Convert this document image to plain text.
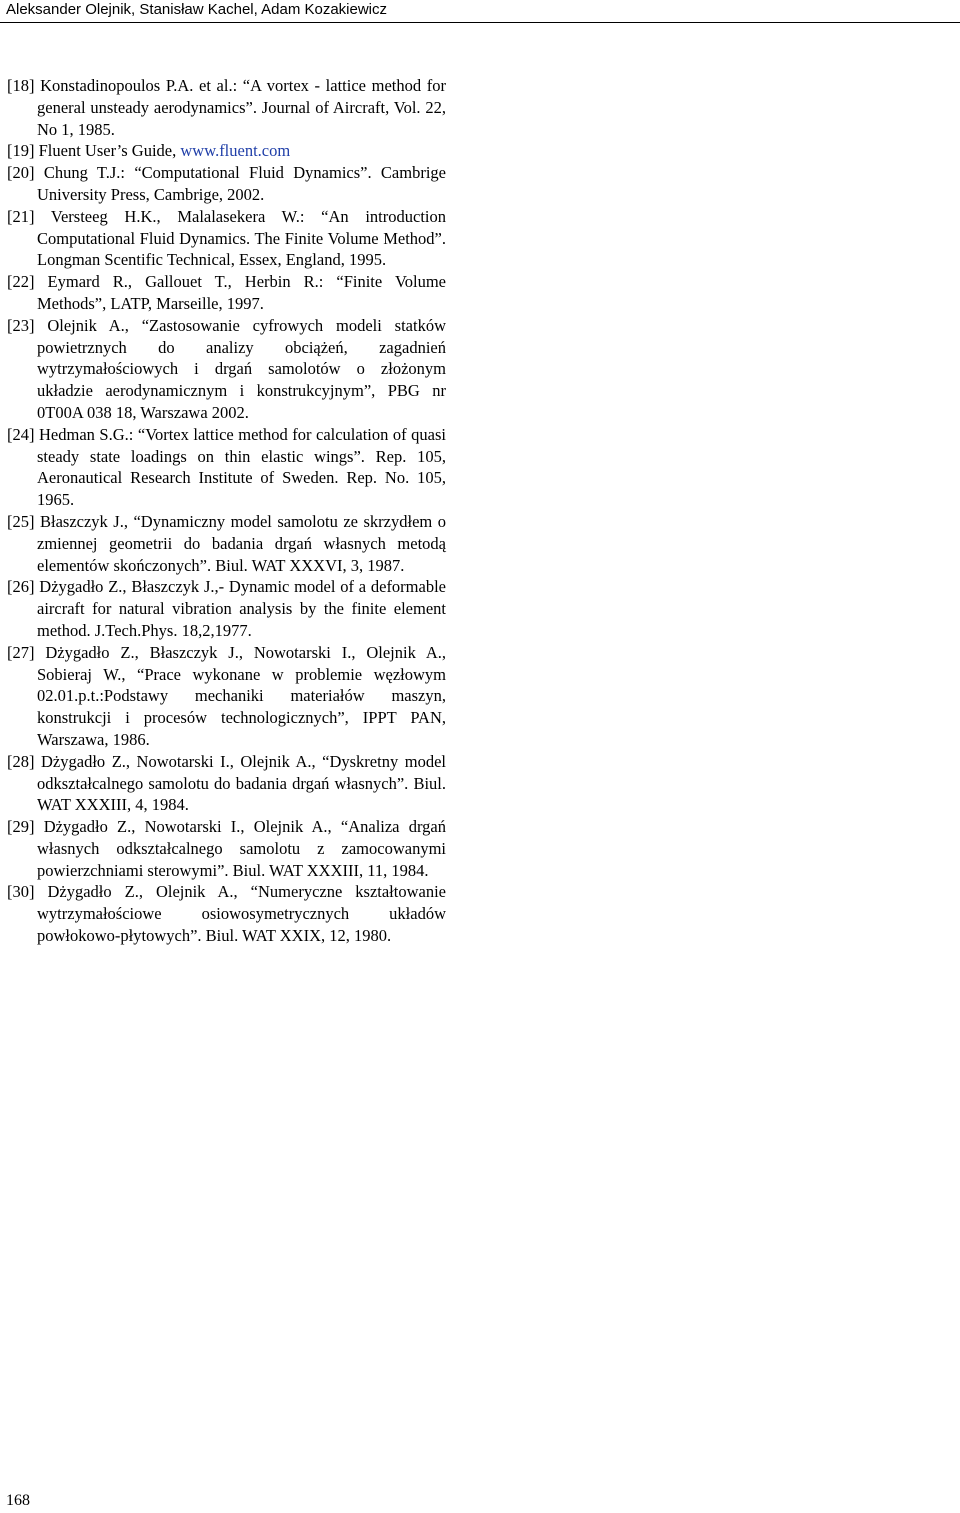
Aleksander Olejnik, Stanisław Kachel, Adam Kozakiewicz
[18] Konstadinopoulos P.A. et al.: “A vortex - lattice method for general unsteady aerodynamics”. Journal of Aircraft, Vol. 22, No 1, 1985.
[19] Fluent User’s Guide, www.fluent.com
[20] Chung T.J.: “Computational Fluid Dynamics”. Cambrige University Press, Cambrige, 2002.
[21] Versteeg H.K., Malalasekera W.: “An introduction Computational Fluid Dynamics. The Finite Volume Method”. Longman Scentific Technical, Essex, England, 1995.
[22] Eymard R., Gallouet T., Herbin R.: “Finite Volume Methods”, LATP, Marseille, 1997.
[23] Olejnik A., “Zastosowanie cyfrowych modeli statków powietrznych do analizy obciążeń, zagadnień wytrzymałościowych i drgań samolotów o złożonym układzie aerodynamicznym i konstrukcyjnym”, PBG nr 0T00A 038 18, Warszawa 2002.
[24] Hedman S.G.: “Vortex lattice method for calculation of quasi steady state loadings on thin elastic wings”. Rep. 105, Aeronautical Research Institute of Sweden. Rep. No. 105, 1965.
[25] Błaszczyk J., “Dynamiczny model samolotu ze skrzydłem o zmiennej geometrii do badania drgań własnych metodą elementów skończonych”. Biul. WAT XXXVI, 3, 1987.
[26] Dżygadło Z., Błaszczyk J.,- Dynamic model of a deformable aircraft for natural vibration analysis by the finite element method. J.Tech.Phys. 18,2,1977.
[27] Dżygadło Z., Błaszczyk J., Nowotarski I., Olejnik A., Sobieraj W., “Prace wykonane w problemie węzłowym 02.01.p.t.:Podstawy mechaniki materiałów maszyn, konstrukcji i procesów technologicznych”, IPPT PAN, Warszawa, 1986.
[28] Dżygadło Z., Nowotarski I., Olejnik A., “Dyskretny model odkształcalnego samolotu do badania drgań własnych”. Biul. WAT XXXIII, 4, 1984.
[29] Dżygadło Z., Nowotarski I., Olejnik A., “Analiza drgań własnych odkształcalnego samolotu z zamocowanymi powierzchniami sterowymi”. Biul. WAT XXXIII, 11, 1984.
[30] Dżygadło Z., Olejnik A., “Numeryczne kształtowanie wytrzymałościowe osiowosymetrycznych układów powłokowo-płytowych”. Biul. WAT XXIX, 12, 1980.
168
